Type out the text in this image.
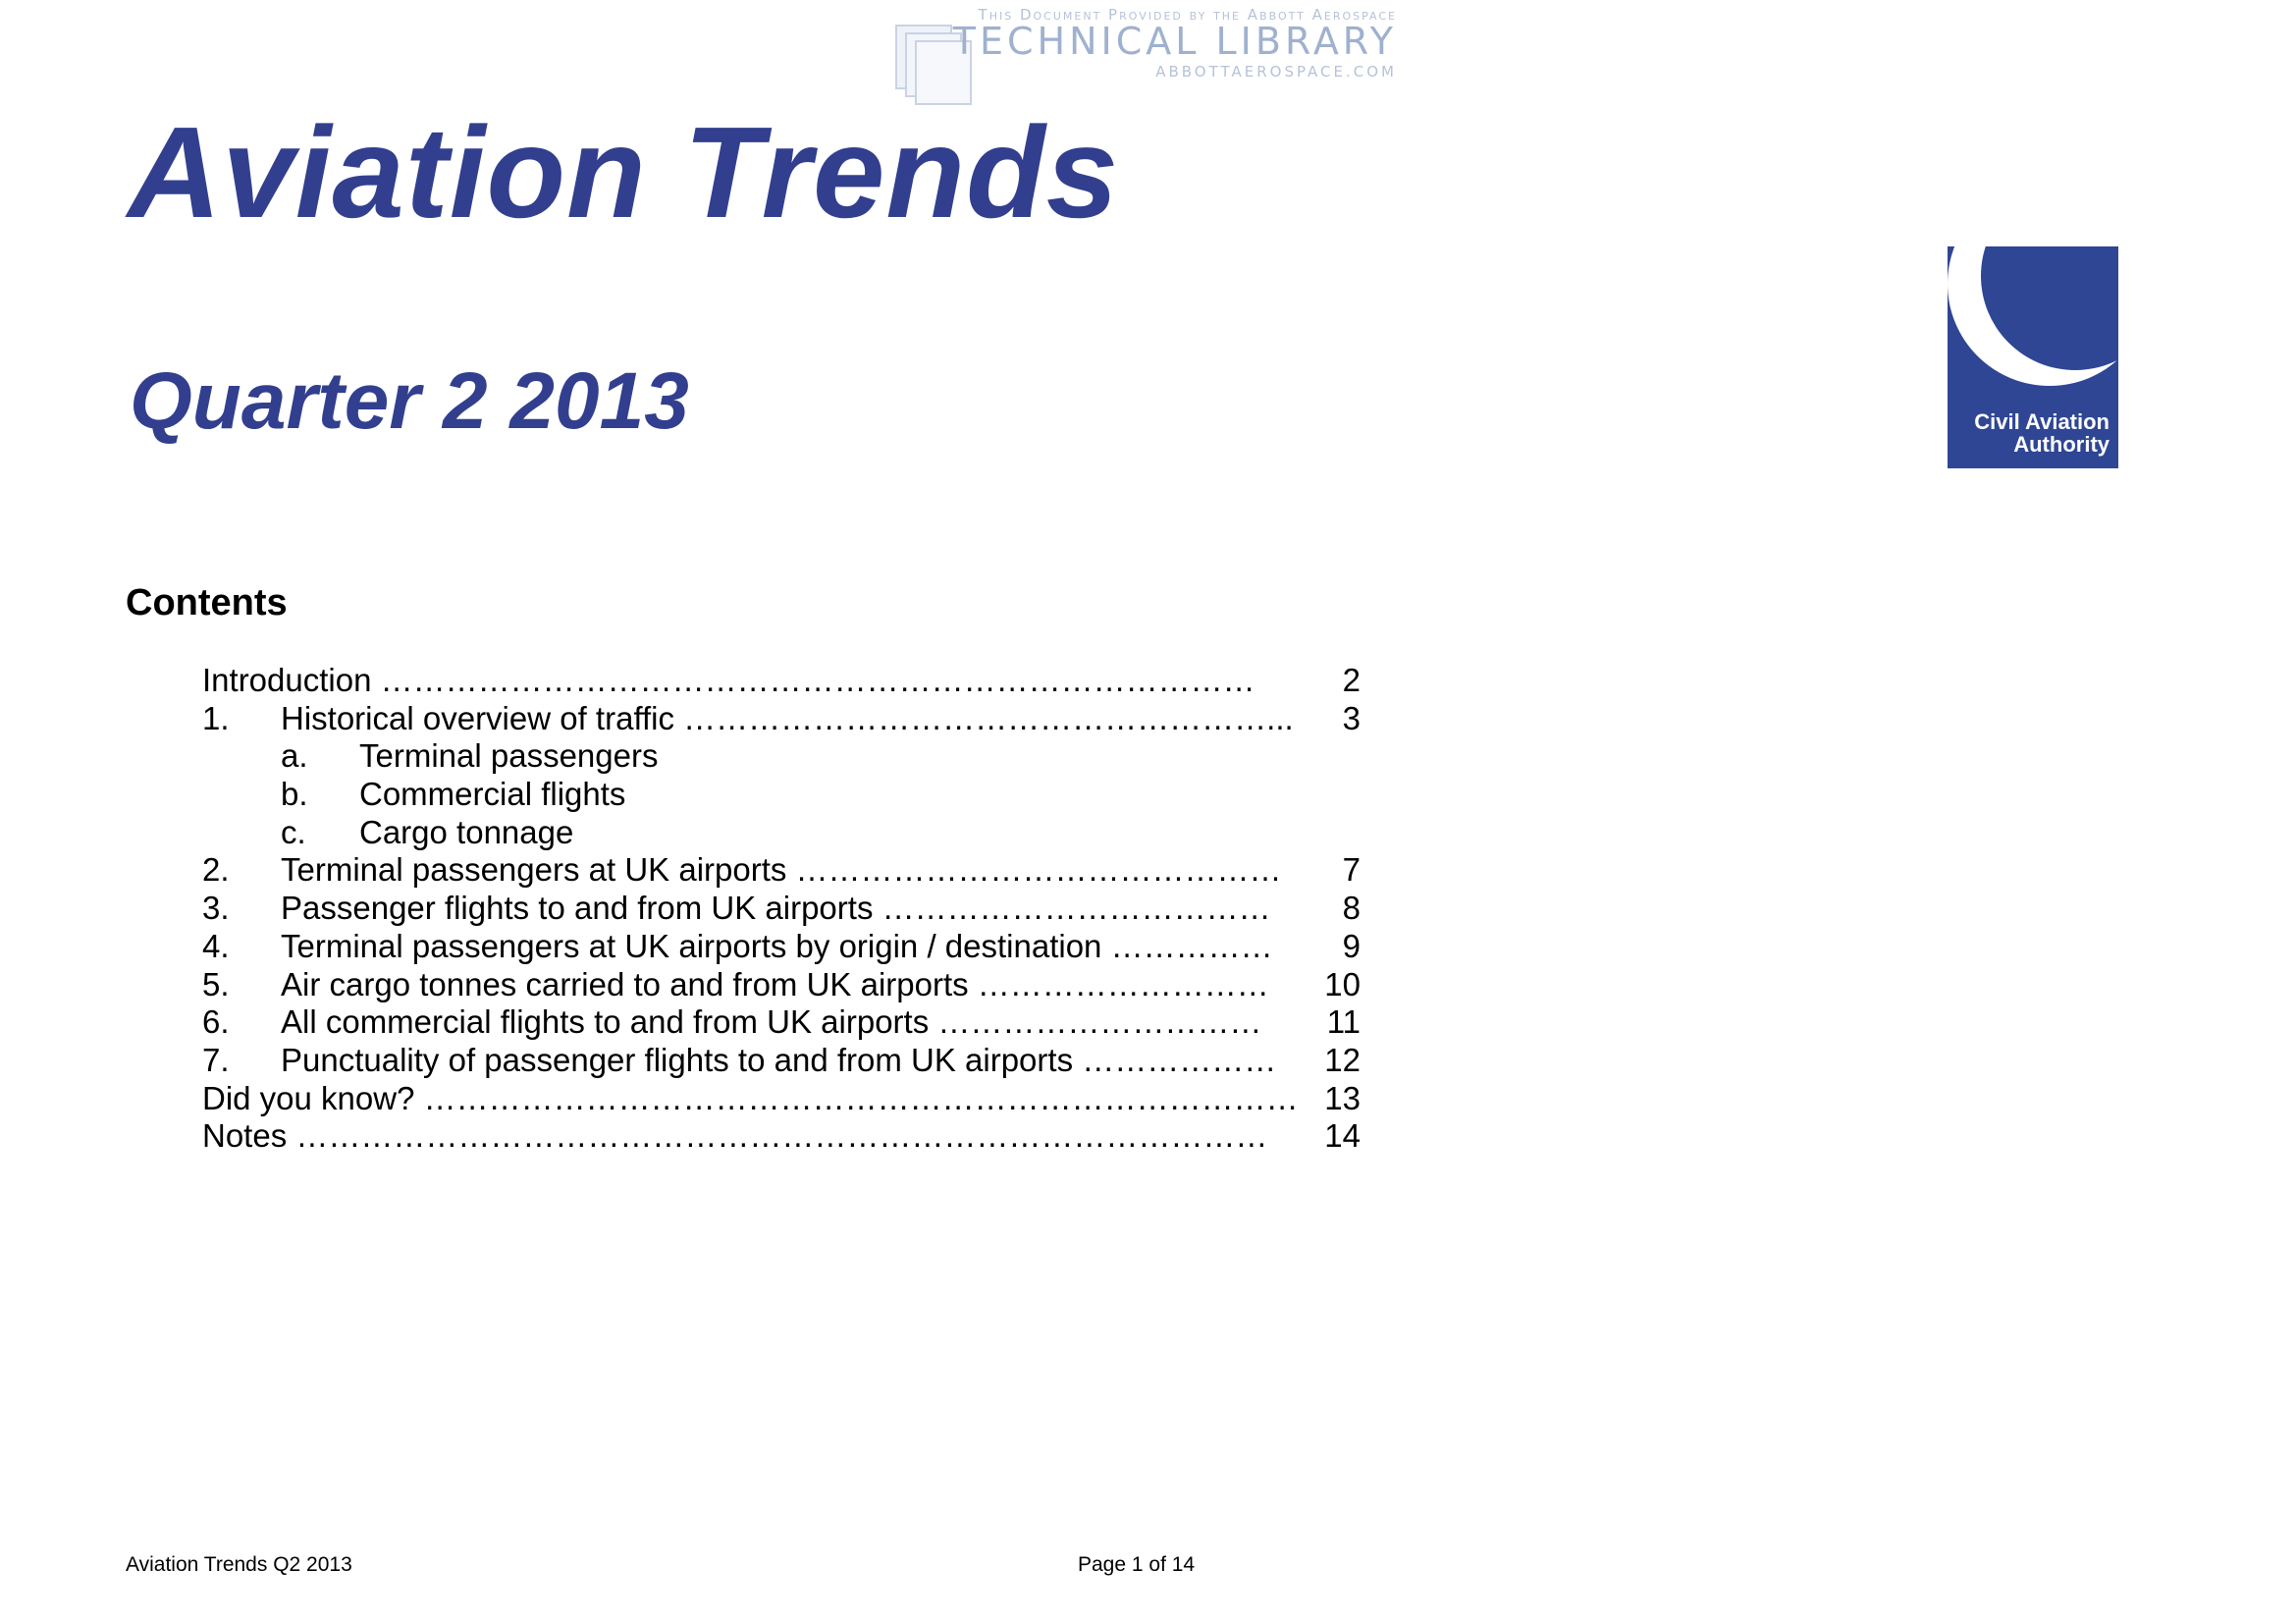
This Document Provided by the Abbott Aerospace
TECHNICAL LIBRARY
ABBOTTAEROSPACE.COM
Aviation Trends
Quarter 2 2013	Civil Aviation
Authority
Contents
Introduction ………………………………………………………………………	2
1. Historical overview of traffic ………………………………………………...	3
a. Terminal passengers
b. Commercial flights
c. Cargo tonnage
2. Terminal passengers at UK airports ………………………………………	7
3. Passenger flights to and from UK airports ………………………………	8
4. Terminal passengers at UK airports by origin / destination ……………	9
5. Air cargo tonnes carried to and from UK airports ………………………	10
6. All commercial flights to and from UK airports …………………………	11
7. Punctuality of passenger flights to and from UK airports ………………	12
Did you know? ……………………………………………………………………… 13
Notes ………………………………………………………………………………	14
Aviation Trends Q2 2013	Page 1 of 14
